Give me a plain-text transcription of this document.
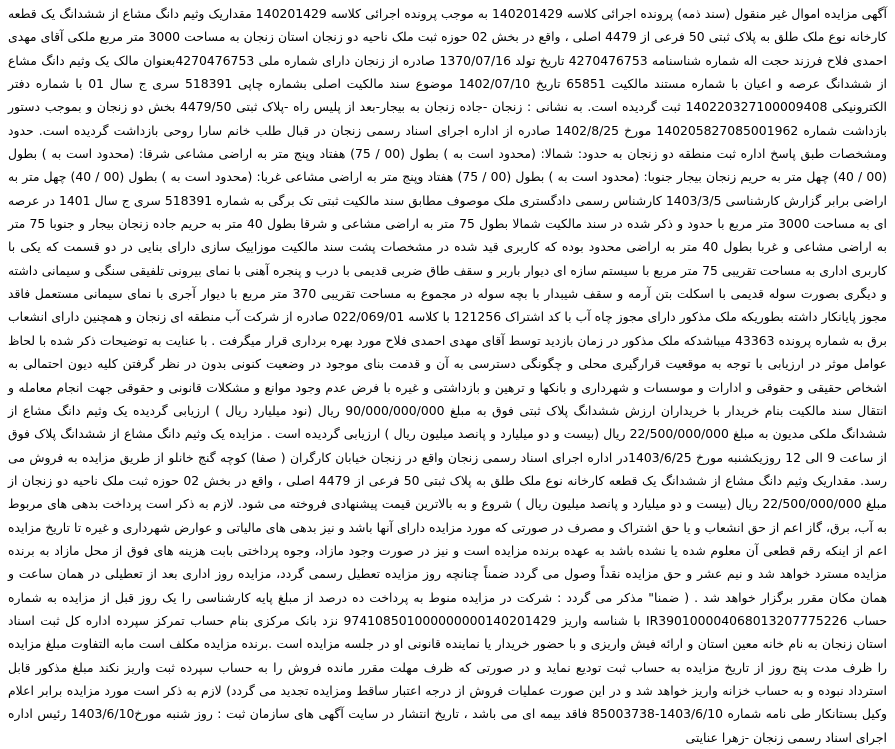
آگهی مزایده اموال غیر منقول (سند ذمه) پرونده اجرائی کلاسه 140201429 به موجب پرونده اجرائی کلاسه 140201429 مقداریک وثیم دانگ مشاع از ششدانگ یک قطعه کارخانه نوع ملک طلق به پلاک ثبتی 50 فرعی از 4479 اصلی ، واقع در بخش 02 حوزه ثبت ملک ناحیه دو زنجان استان زنجان به مساحت 3000 متر مربع ملکی آقای مهدی احمدی فلاح فرزند حجت اله شماره شناسنامه 4270476753 تاریخ تولد 1370/07/16 صادره از زنجان دارای شماره ملی 4270476753بعنوان مالک یک وثیم دانگ مشاع از ششدانگ عرصه و اعیان با شماره مستند مالکیت 65851 تاریخ 1402/07/10 موضوع سند مالکیت اصلی بشماره چاپی 518391 سری ج سال 01 با شماره دفتر الکترونیکی 140220327100009408 ثبت گردیده است. به نشانی : زنجان -جاده زنجان به بیجار-بعد از پلیس راه -پلاک ثبتی 4479/50 بخش دو زنجان و بموجب دستور بازداشت شماره 140205827085001962 مورخ 1402/8/25 صادره از اداره اجرای اسناد رسمی زنجان در قبال طلب خانم سارا روحی بازداشت گردیده است. حدود ومشخصات طبق پاسخ اداره ثبت منطقه دو زنجان به حدود: شمالا: (محدود است به ) بطول (00 / 75) هفتاد وپنج متر به اراضی مشاعی شرقا: (محدود است به ) بطول (00 / 40) چهل متر به حریم زنجان بیجار جنوبا: (محدود است به ) بطول (00 / 75) هفتاد وپنج متر به اراضی مشاعی غربا: (محدود است به ) بطول (00 / 40) چهل متر به اراضی برابر گزارش کارشناسی 1403/3/5 کارشناس رسمی دادگستری ملک موصوف مطابق سند مالکیت ثبتی تک برگی به شماره 518391 سری ج سال 1401 در عرصه ای به مساحت 3000 متر مربع با حدود و ذکر شده در سند مالکیت شمالا بطول 75 متر به اراضی مشاعی و شرقا بطول 40 متر به حریم جاده زنجان بیجار و جنوبا 75 متر به اراضی مشاعی و غربا بطول 40 متر به اراضی محدود بوده که کاربری قید شده در مشخصات پشت سند مالکیت موزاییک سازی دارای بنایی در دو قسمت که یکی با کاربری اداری به مساحت تقریبی 75 متر مربع با سیستم سازه ای دیوار باربر و سقف طاق ضربی قدیمی با درب و پنجره آهنی با نمای بیرونی تلفیقی سنگی و سیمانی داشته و دیگری بصورت سوله قدیمی با اسکلت بتن آرمه و سقف شیبدار با بچه سوله در مجموع به مساحت تقریبی 370 متر مربع با دیوار آجری با نمای سیمانی مستعمل فاقد مجوز پایانکار داشته بطوریکه ملک مذکور دارای مجوز چاه آب با کد اشتراک 121256 با کلاسه 022/069/01 صادره از شرکت آب منطقه ای زنجان و همچنین دارای انشعاب برق به شماره پرونده 43363 میباشدکه ملک مذکور در زمان بازدید توسط آقای مهدی احمدی فلاح مورد بهره برداری قرار میگرفت . با عنایت به توضیحات ذکر شده با لحاظ عوامل موثر در ارزیابی با توجه به موقعیت قرارگیری محلی و چگونگی دسترسی به آن و قدمت بنای موجود در وضعیت کنونی بدون در نظر گرفتن کلیه دیون احتمالی به اشخاص حقیقی و حقوقی و ادارات و موسسات و شهرداری و بانکها و ترهین و بازداشتی و غیره با فرض عدم وجود موانع و مشکلات قانونی و حقوقی جهت انجام معامله و انتقال سند مالکیت بنام خریدار با خریداران ارزش ششدانگ پلاک ثبتی فوق به مبلغ 90/000/000/000 ریال (نود میلیارد ریال ) ارزیابی گردیده یک وثیم دانگ مشاع از ششدانگ ملکی مدیون به مبلغ 22/500/000/000 ریال (بیست و دو میلیارد و پانصد میلیون ریال ) ارزیابی گردیده است . مزایده یک وثیم دانگ مشاع از ششدانگ پلاک فوق از ساعت 9 الی 12 روزیکشنبه مورخ 1403/6/25در اداره اجرای اسناد رسمی زنجان واقع در زنجان خیابان کارگران ( صفا) کوچه گنج خانلو از طریق مزایده به فروش می رسد. مقداریک وثیم دانگ مشاع از ششدانگ یک قطعه کارخانه نوع ملک طلق به پلاک ثبتی 50 فرعی از 4479 اصلی ، واقع در بخش 02 حوزه ثبت ملک ناحیه دو زنجان از مبلغ 22/500/000/000 ریال (بیست و دو میلیارد و پانصد میلیون ریال ) شروع و به بالاترین قیمت پیشنهادی فروخته می شود. لازم به ذکر است پرداخت بدهی های مربوط به آب، برق، گاز اعم از حق انشعاب و یا حق اشتراک و مصرف در صورتی که مورد مزایده دارای آنها باشد و نیز بدهی های مالیاتی و عوارض شهرداری و غیره تا تاریخ مزایده اعم از اینکه رقم قطعی آن معلوم شده یا نشده باشد به عهده برنده مزایده است و نیز در صورت وجود مازاد، وجوه پرداختی بابت هزینه های فوق از محل مازاد به برنده مزایده مسترد خواهد شد و نیم عشر و حق مزایده نقداً وصول می گردد ضمناً چنانچه روز مزایده تعطیل رسمی گردد، مزایده روز اداری بعد از تعطیلی در همان ساعت و همان مکان مقرر برگزار خواهد شد . ( ضمنا" مذکر می گردد : شرکت در مزایده منوط به پرداخت ده درصد از مبلغ پایه کارشناسی را یک روز قبل از مزایده به شماره حساب IR390100004068013207775226 با شناسه واریز 974108501000000000140201429 نزد بانک مرکزی بنام حساب تمرکز سپرده اداره کل ثبت اسناد استان زنجان به نام خانه معین استان و ارائه فیش واریزی و با حضور خریدار یا نماینده قانونی او در جلسه مزایده است .برنده مزایده مکلف است مابه التفاوت مبلغ مزایده را ظرف مدت پنج روز از تاریخ مزایده به حساب ثبت تودیع نماید و در صورتی که ظرف مهلت مقرر مانده فروش را به حساب سپرده ثبت واریز نکند مبلغ مذکور قابل استرداد نبوده و به حساب خزانه واریز خواهد شد و در این صورت عملیات فروش از درجه اعتبار ساقط ومزایده تجدید می گردد) لازم به ذکر است مورد مزایده برابر اعلام وکیل بستانکار طی نامه شماره 1403/6/10-85003738 فاقد بیمه ای می باشد ، تاریخ انتشار در سایت آگهی های سازمان ثبت : روز شنبه مورخ1403/6/10 رئیس اداره اجرای اسناد رسمی زنجان -زهرا عنایتی
